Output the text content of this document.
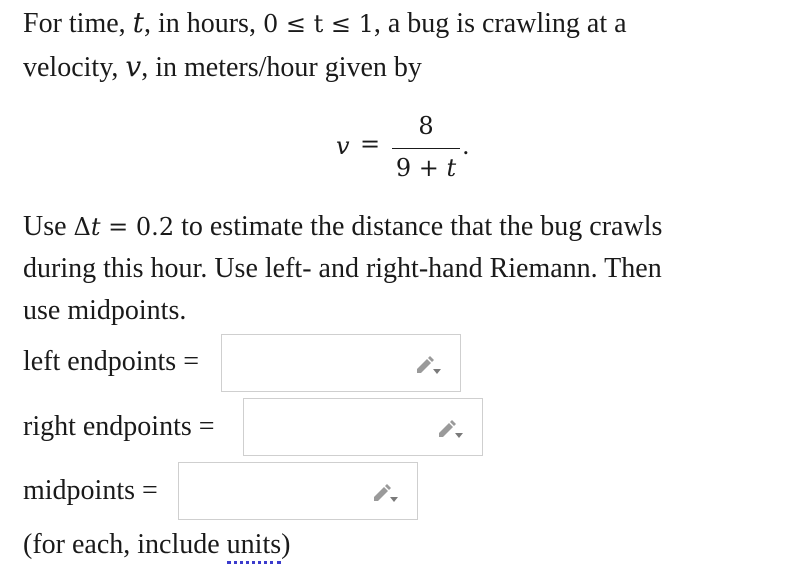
For time, t, in hours, 0 ≤ t ≤ 1, a bug is crawling at a
velocity, v, in meters/hour given by
v =
8
9 + t
.
Use Δt = 0.2 to estimate the distance that the bug crawls
during this hour. Use left- and right-hand Riemann. Then
use midpoints.
left endpoints =
right endpoints =
midpoints =
(for each, include units)
